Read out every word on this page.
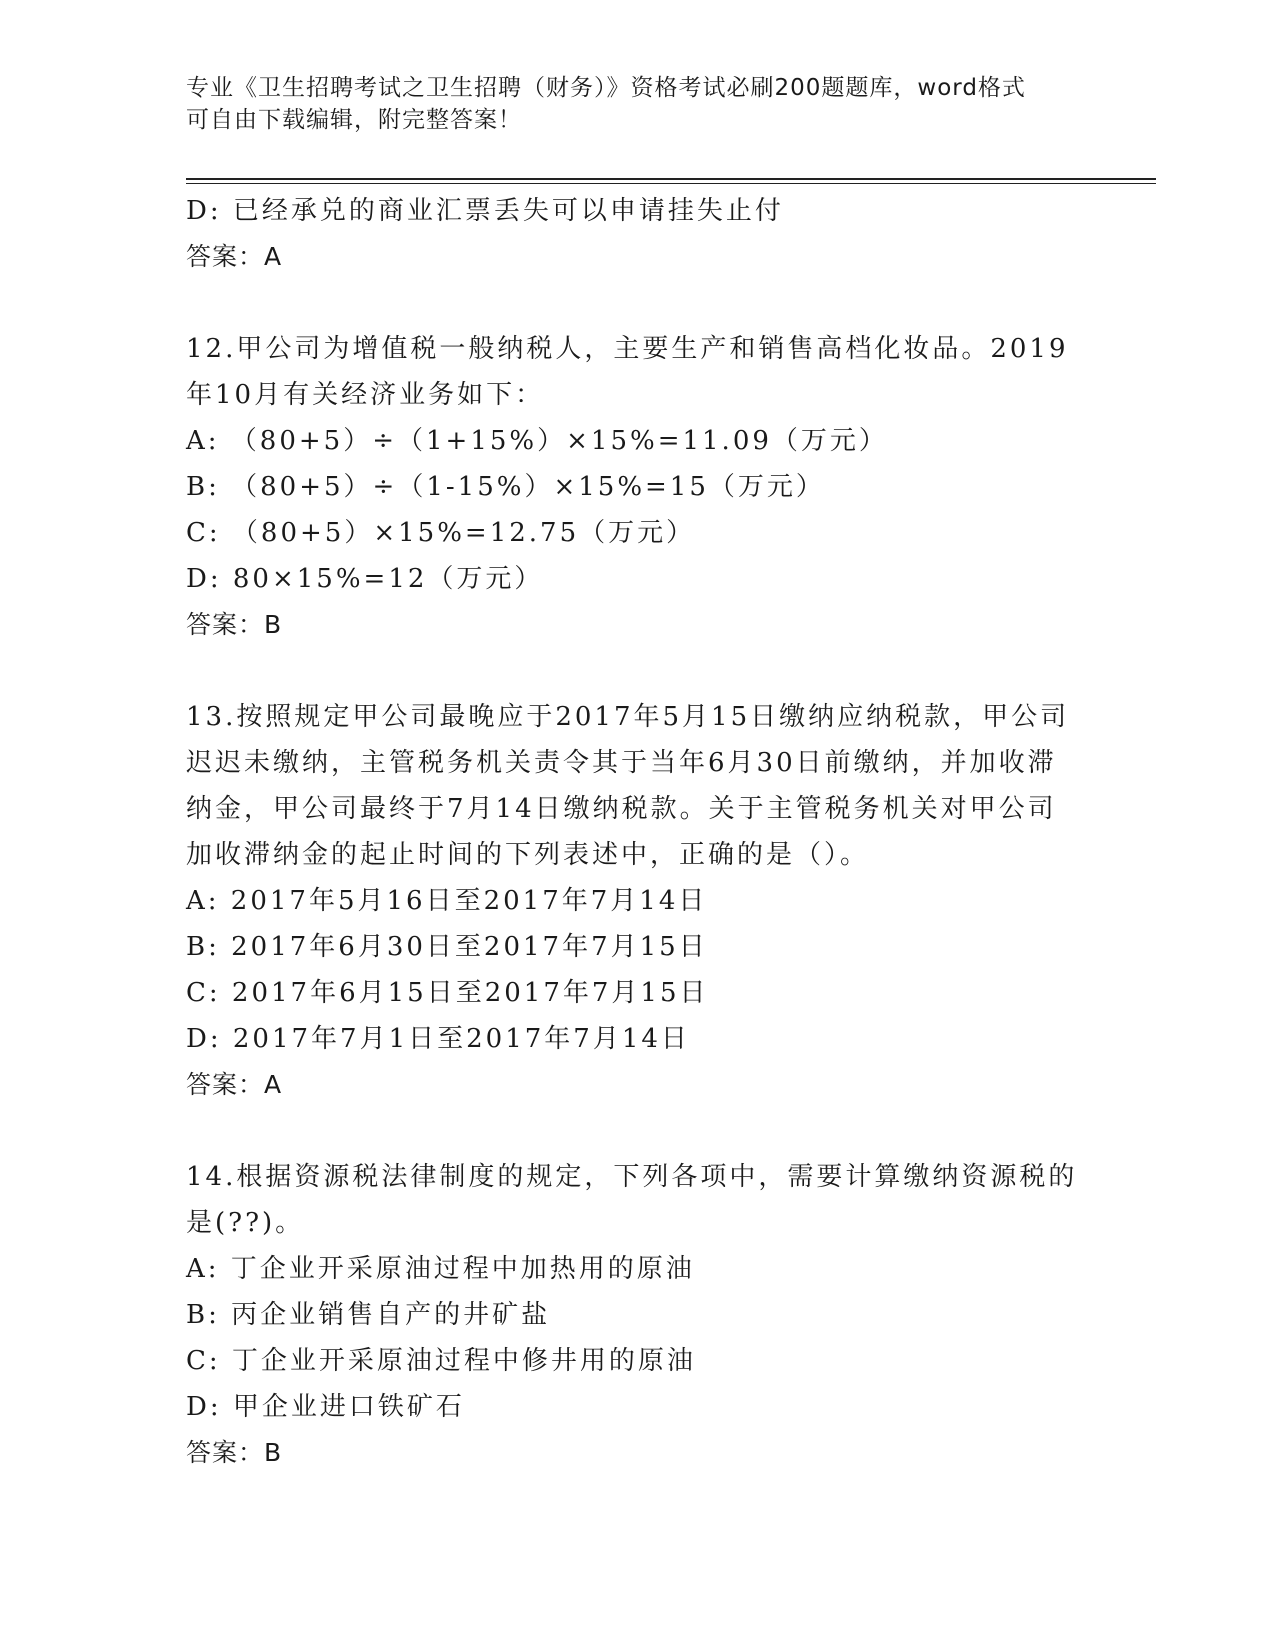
专业《卫生招聘考试之卫生招聘（财务）》资格考试必刷200题题库，word格式
可自由下载编辑，附完整答案！
D: 已经承兑的商业汇票丢失可以申请挂失止付
答案：A
12.甲公司为增值税一般纳税人，主要生产和销售高档化妆品。2019
年10月有关经济业务如下：
A: （80+5）÷（1+15%）×15%=11.09（万元）
B: （80+5）÷（1-15%）×15%=15（万元）
C: （80+5）×15%=12.75（万元）
D: 80×15%=12（万元）
答案：B
13.按照规定甲公司最晚应于2017年5月15日缴纳应纳税款，甲公司
迟迟未缴纳，主管税务机关责令其于当年6月30日前缴纳，并加收滞
纳金，甲公司最终于7月14日缴纳税款。关于主管税务机关对甲公司
加收滞纳金的起止时间的下列表述中，正确的是（）。
A: 2017年5月16日至2017年7月14日
B: 2017年6月30日至2017年7月15日
C: 2017年6月15日至2017年7月15日
D: 2017年7月1日至2017年7月14日
答案：A
14.根据资源税法律制度的规定，下列各项中，需要计算缴纳资源税的
是(??)。
A: 丁企业开采原油过程中加热用的原油
B: 丙企业销售自产的井矿盐
C: 丁企业开采原油过程中修井用的原油
D: 甲企业进口铁矿石
答案：B
